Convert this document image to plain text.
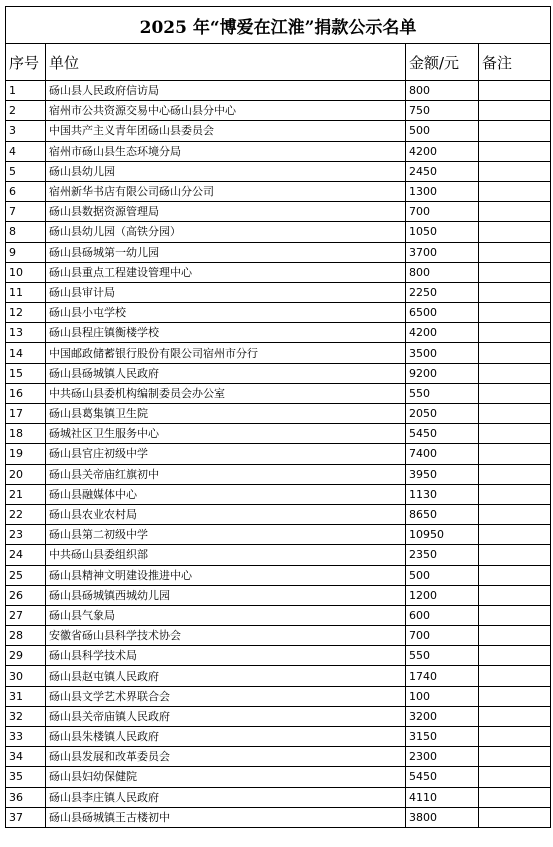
2025 年“博爱在江淮”捐款公示名单			
序号	单位	金额/元	备注
1	砀山县人民政府信访局	800	
2	宿州市公共资源交易中心砀山县分中心	750	
3	中国共产主义青年团砀山县委员会	500	
4	宿州市砀山县生态环境分局	4200	
5	砀山县幼儿园	2450	
6	宿州新华书店有限公司砀山分公司	1300	
7	砀山县数据资源管理局	700	
8	砀山县幼儿园（高铁分园）	1050	
9	砀山县砀城第一幼儿园	3700	
10	砀山县重点工程建设管理中心	800	
11	砀山县审计局	2250	
12	砀山县小屯学校	6500	
13	砀山县程庄镇衡楼学校	4200	
14	中国邮政储蓄银行股份有限公司宿州市分行	3500	
15	砀山县砀城镇人民政府	9200	
16	中共砀山县委机构编制委员会办公室	550	
17	砀山县葛集镇卫生院	2050	
18	砀城社区卫生服务中心	5450	
19	砀山县官庄初级中学	7400	
20	砀山县关帝庙红旗初中	3950	
21	砀山县融媒体中心	1130	
22	砀山县农业农村局	8650	
23	砀山县第二初级中学	10950	
24	中共砀山县委组织部	2350	
25	砀山县精神文明建设推进中心	500	
26	砀山县砀城镇西城幼儿园	1200	
27	砀山县气象局	600	
28	安徽省砀山县科学技术协会	700	
29	砀山县科学技术局	550	
30	砀山县赵屯镇人民政府	1740	
31	砀山县文学艺术界联合会	100	
32	砀山县关帝庙镇人民政府	3200	
33	砀山县朱楼镇人民政府	3150	
34	砀山县发展和改革委员会	2300	
35	砀山县妇幼保健院	5450	
36	砀山县李庄镇人民政府	4110	
37	砀山县砀城镇王古楼初中	3800	
